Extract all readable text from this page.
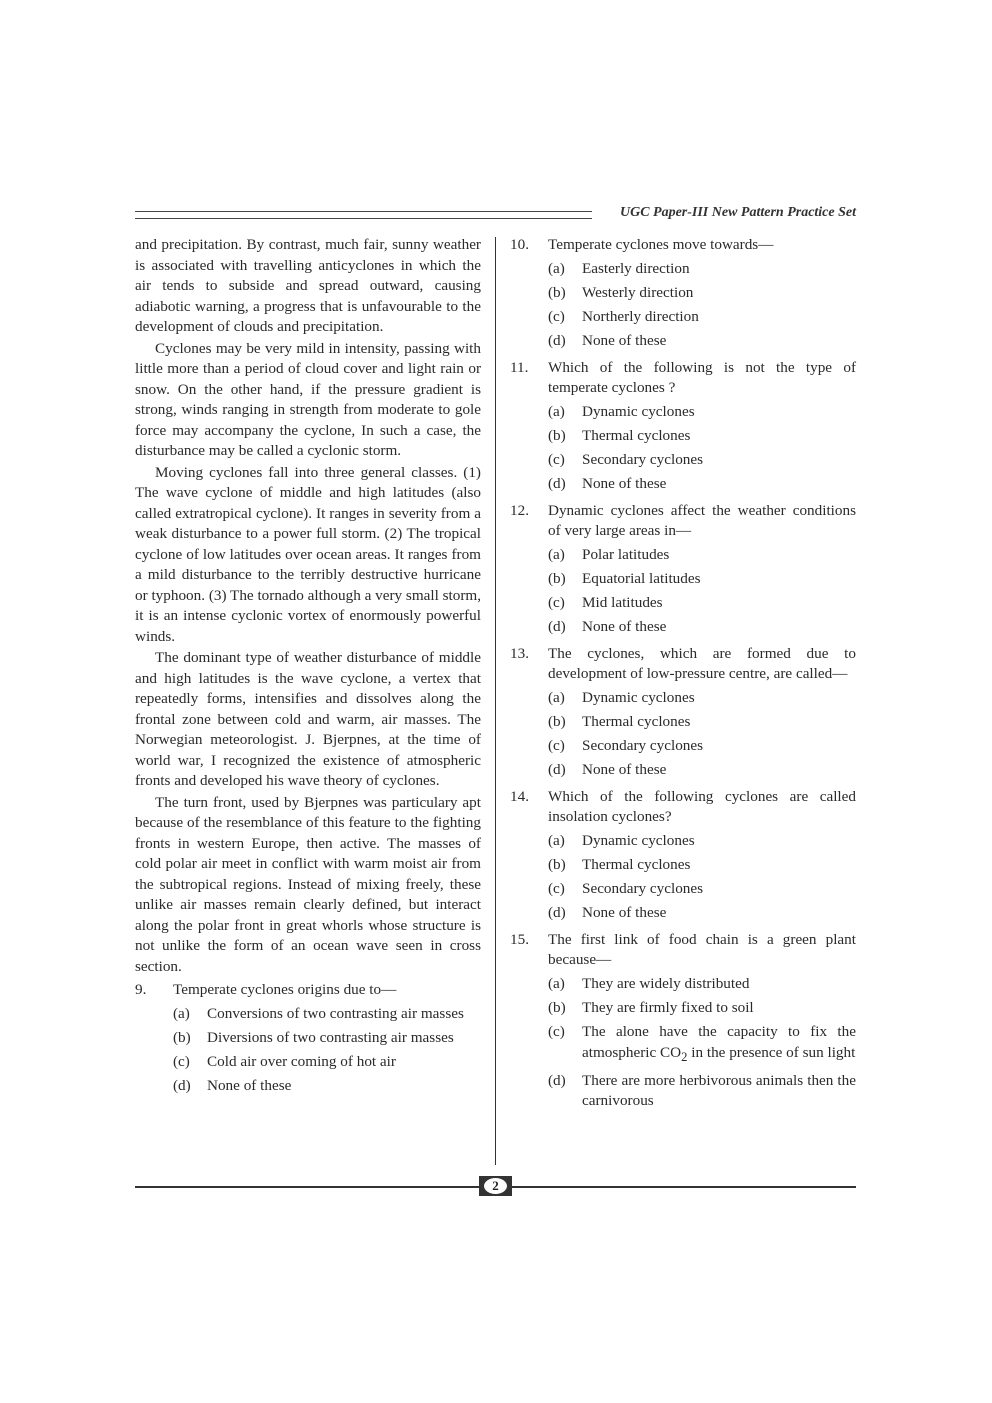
UGC Paper-III New Pattern Practice Set

and precipitation. By contrast, much fair, sunny weather is associated with travelling anticyclones in which the air tends to subside and spread outward, causing adiabotic warning, a progress that is unfavourable to the development of clouds and precipitation.

Cyclones may be very mild in intensity, passing with little more than a period of cloud cover and light rain or snow. On the other hand, if the pressure gradient is strong, winds ranging in strength from moderate to gole force may accompany the cyclone, In such a case, the disturbance may be called a cyclonic storm.

Moving cyclones fall into three general classes. (1) The wave cyclone of middle and high latitudes (also called extratropical cyclone). It ranges in severity from a weak disturbance to a power full storm. (2) The tropical cyclone of low latitudes over ocean areas. It ranges from a mild disturbance to the terribly destructive hurricane or typhoon. (3) The tornado although a very small storm, it is an intense cyclonic vortex of enormously powerful winds.

The dominant type of weather disturbance of middle and high latitudes is the wave cyclone, a vertex that repeatedly forms, intensifies and dissolves along the frontal zone between cold and warm, air masses. The Norwegian meteorologist. J. Bjerpnes, at the time of world war, I recognized the existence of atmospheric fronts and developed his wave theory of cyclones.

The turn front, used by Bjerpnes was particulary apt because of the resemblance of this feature to the fighting fronts in western Europe, then active. The masses of cold polar air meet in conflict with warm moist air from the subtropical regions. Instead of mixing freely, these unlike air masses remain clearly defined, but interact along the polar front in great whorls whose structure is not unlike the form of an ocean wave seen in cross section.

9.	Temperate cyclones origins due to—
(a)	Conversions of two contrasting air masses
(b)	Diversions of two contrasting air masses
(c)	Cold air over coming of hot air
(d)	None of these
10.	Temperate cyclones move towards—
(a)	Easterly direction
(b)	Westerly direction
(c)	Northerly direction
(d)	None of these
11.	Which of the following is not the type of temperate cyclones ?
(a)	Dynamic cyclones
(b)	Thermal cyclones
(c)	Secondary cyclones
(d)	None of these
12.	Dynamic cyclones affect the weather conditions of very large areas in—
(a)	Polar latitudes
(b)	Equatorial latitudes
(c)	Mid latitudes
(d)	None of these
13.	The cyclones, which are formed due to development of low-pressure centre, are called—
(a)	Dynamic cyclones
(b)	Thermal cyclones
(c)	Secondary cyclones
(d)	None of these
14.	Which of the following cyclones are called insolation cyclones?
(a)	Dynamic cyclones
(b)	Thermal cyclones
(c)	Secondary cyclones
(d)	None of these
15.	The first link of food chain is a green plant because—
(a)	They are widely distributed
(b)	They are firmly fixed to soil
(c)	The alone have the capacity to fix the atmospheric $CO_2$ in the presence of sun light
(d)	There are more herbivorous animals then the carnivorous
2
